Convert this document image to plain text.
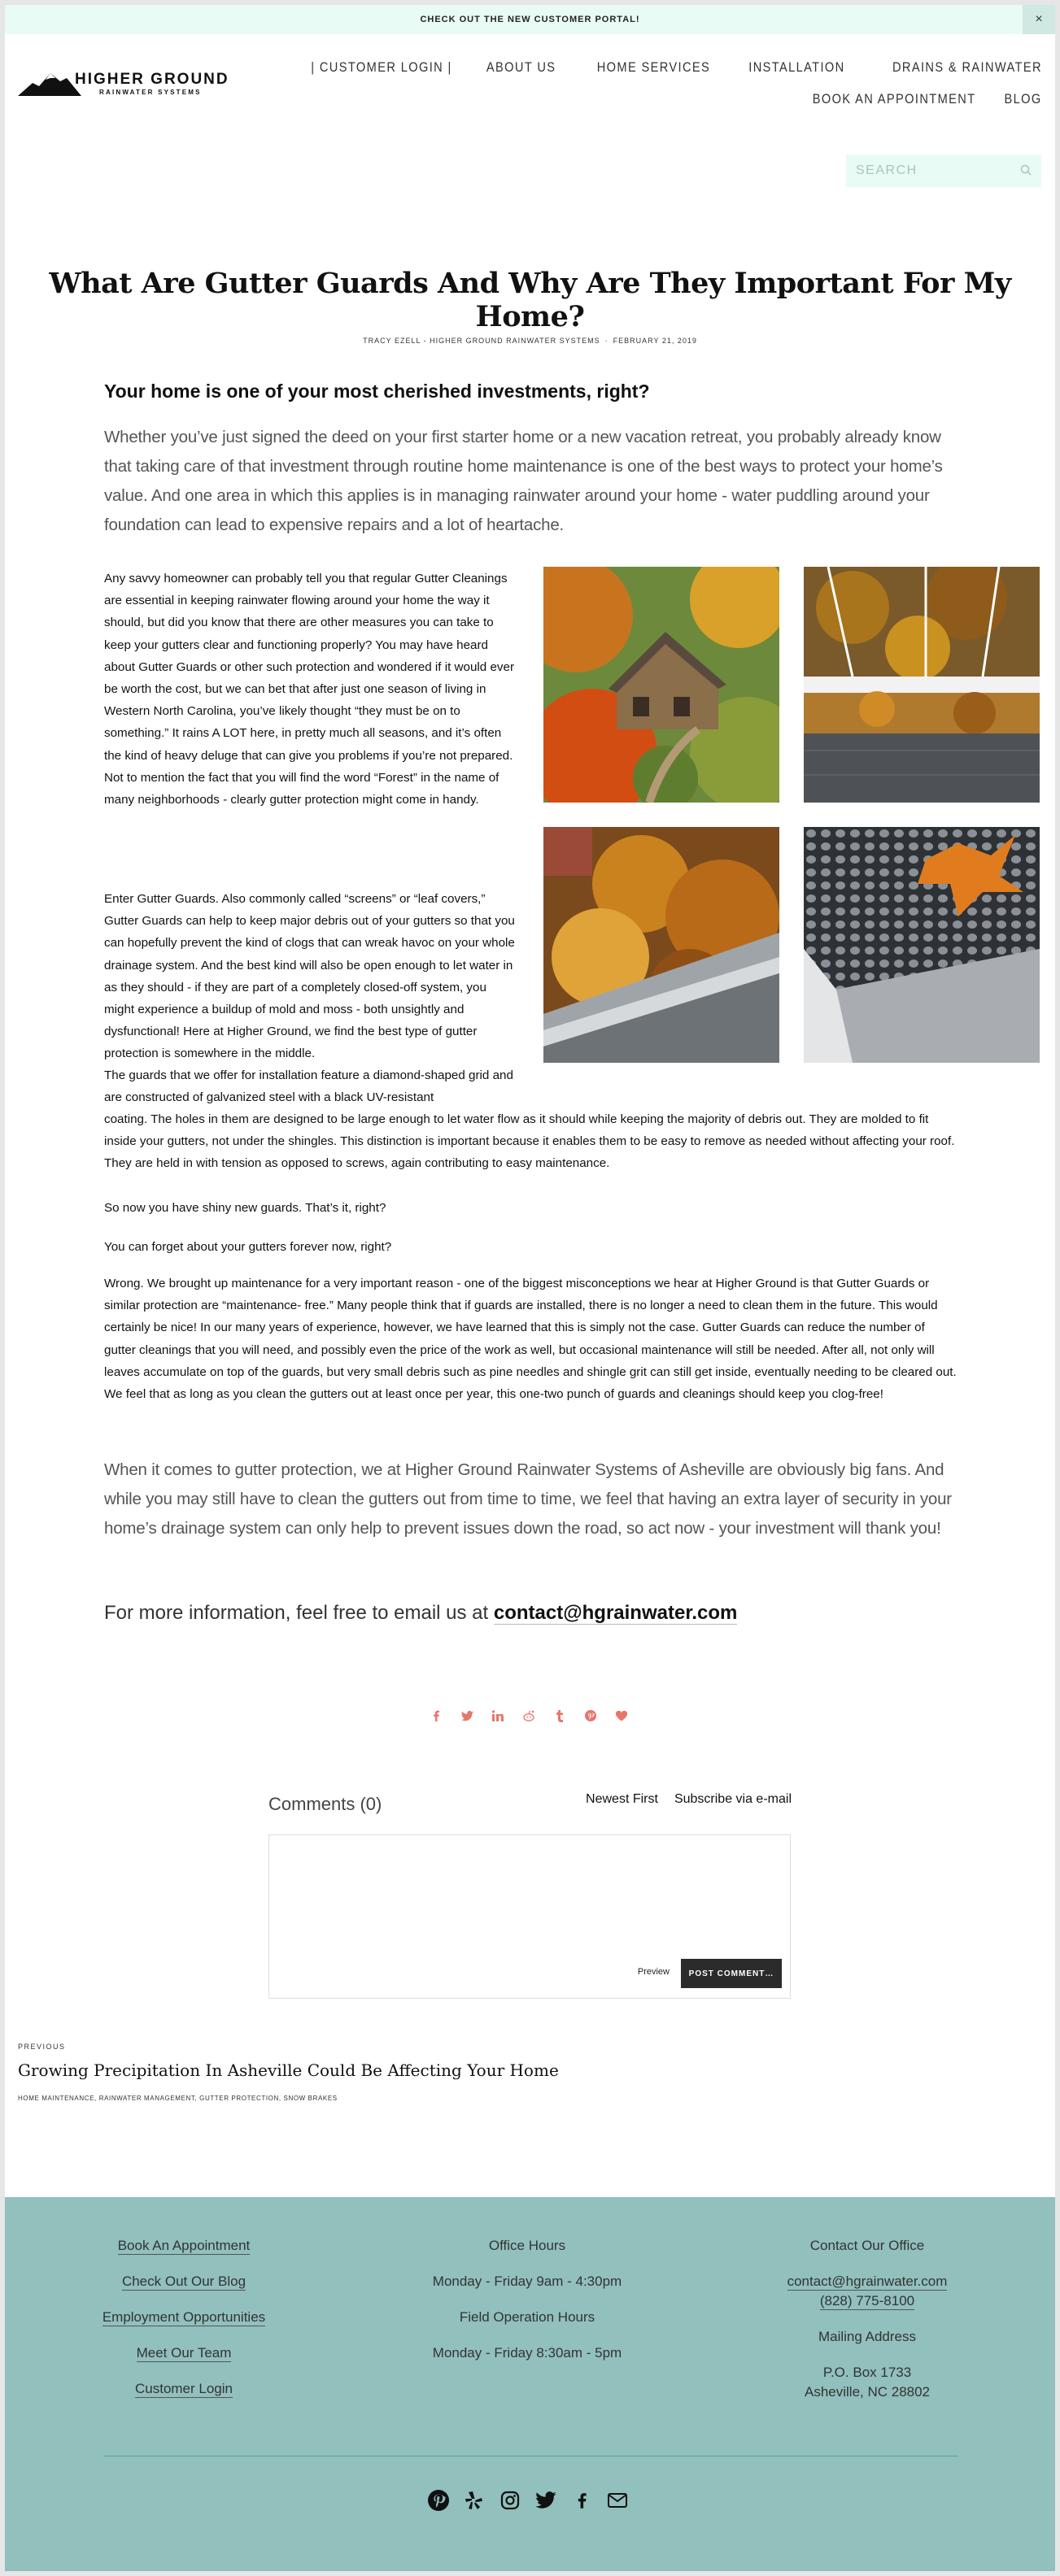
CHECK OUT THE NEW CUSTOMER PORTAL!	×
HIGHER GROUND
RAINWATER SYSTEMS
| CUSTOMER LOGIN | ABOUT US	HOME SERVICES	INSTALLATION	DRAINS & RAINWATER
BOOK AN APPOINTMENT BLOG
SEARCH
What Are Gutter Guards And Why Are They Important For My Home?
TRACY EZELL - HIGHER GROUND RAINWATER SYSTEMS · FEBRUARY 21, 2019
Your home is one of your most cherished investments, right?

Whether you’ve just signed the deed on your first starter home or a new vacation retreat, you probably already know that taking care of that investment through routine home maintenance is one of the best ways to protect your home’s value. And one area in which this applies is in managing rainwater around your home - water puddling around your foundation can lead to expensive repairs and a lot of heartache.

Any savvy homeowner can probably tell you that regular Gutter Cleanings are essential in keeping rainwater flowing around your home the way it should, but did you know that there are other measures you can take to keep your gutters clear and functioning properly? You may have heard about Gutter Guards or other such protection and wondered if it would ever be worth the cost, but we can bet that after just one season of living in Western North Carolina, you’ve likely thought “they must be on to something.” It rains A LOT here, in pretty much all seasons, and it’s often the kind of heavy deluge that can give you problems if you’re not prepared. Not to mention the fact that you will find the word “Forest” in the name of many neighborhoods - clearly gutter protection might come in handy.

Enter Gutter Guards. Also commonly called “screens” or “leaf covers,” Gutter Guards can help to keep major debris out of your gutters so that you can hopefully prevent the kind of clogs that can wreak havoc on your whole drainage system. And the best kind will also be open enough to let water in as they should - if they are part of a completely closed-off system, you might experience a buildup of mold and moss - both unsightly and dysfunctional! Here at Higher Ground, we find the best type of gutter protection is somewhere in the middle.

The guards that we offer for installation feature a diamond-shaped grid and are constructed of galvanized steel with a black UV-resistant

coating. The holes in them are designed to be large enough to let water flow as it should while keeping the majority of debris out. They are molded to fit inside your gutters, not under the shingles. This distinction is important because it enables them to be easy to remove as needed without affecting your roof. They are held in with tension as opposed to screws, again contributing to easy maintenance.

So now you have shiny new guards. That’s it, right?

You can forget about your gutters forever now, right?

Wrong. We brought up maintenance for a very important reason - one of the biggest misconceptions we hear at Higher Ground is that Gutter Guards or similar protection are “maintenance- free.” Many people think that if guards are installed, there is no longer a need to clean them in the future. This would certainly be nice! In our many years of experience, however, we have learned that this is simply not the case. Gutter Guards can reduce the number of gutter cleanings that you will need, and possibly even the price of the work as well, but occasional maintenance will still be needed. After all, not only will leaves accumulate on top of the guards, but very small debris such as pine needles and shingle grit can still get inside, eventually needing to be cleared out. We feel that as long as you clean the gutters out at least once per year, this one-two punch of guards and cleanings should keep you clog-free!

When it comes to gutter protection, we at Higher Ground Rainwater Systems of Asheville are obviously big fans. And while you may still have to clean the gutters out from time to time, we feel that having an extra layer of security in your home’s drainage system can only help to prevent issues down the road, so act now - your investment will thank you!

For more information, feel free to email us at contact@hgrainwater.com

Comments (0)	Newest First Subscribe via e-mail
Preview	POST COMMENT…
PREVIOUS
Growing Precipitation In Asheville Could Be Affecting Your Home
HOME MAINTENANCE, RAINWATER MANAGEMENT, GUTTER PROTECTION, SNOW BRAKES
Book An Appointment
Check Out Our Blog
Employment Opportunities
Meet Our Team
Customer Login
Office Hours
Monday - Friday 9am - 4:30pm
Field Operation Hours
Monday - Friday 8:30am - 5pm
Contact Our Office
contact@hgrainwater.com
(828) 775-8100
Mailing Address
P.O. Box 1733
Asheville, NC 28802
